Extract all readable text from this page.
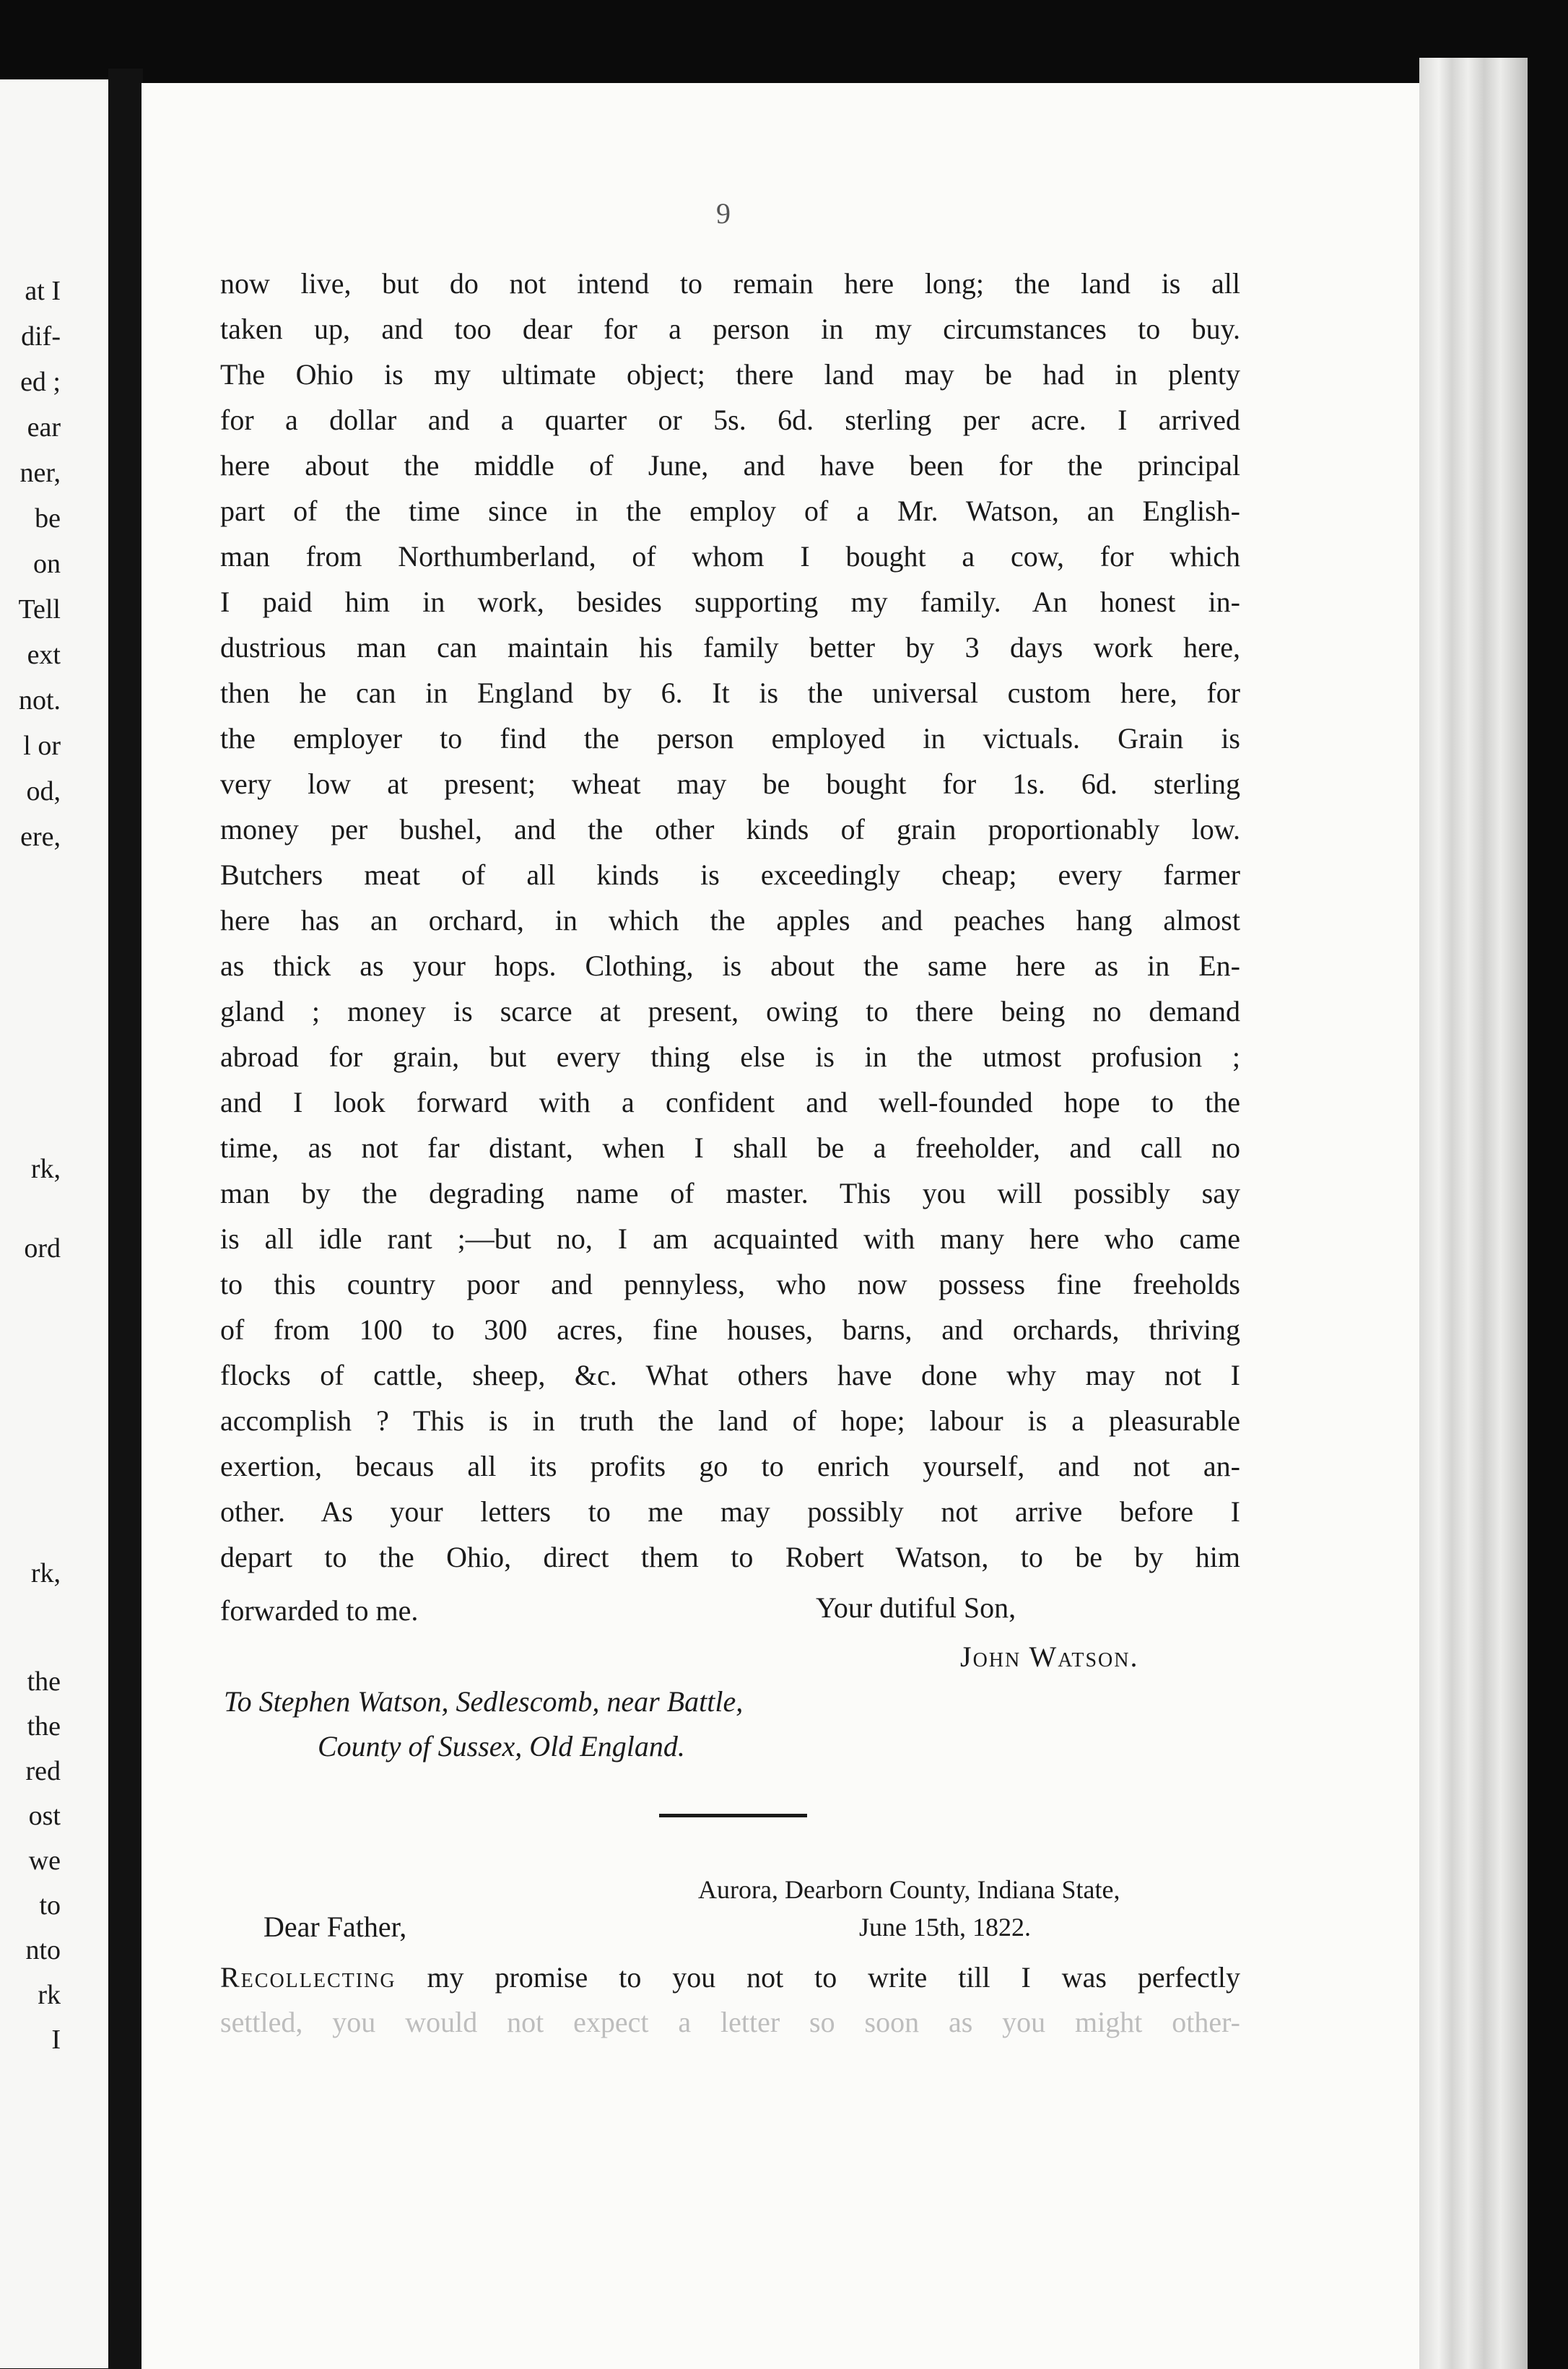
at I
dif-
ed ;
ear
ner,
be
on
Tell
ext
not.
l or
od,
ere,
rk,
ord
rk,
the
the
red
ost
we
to
nto
rk
I
9
now live, but do not intend to remain here long; the land is all
taken up, and too dear for a person in my circumstances to buy.
The Ohio is my ultimate object; there land may be had in plenty
for a dollar and a quarter or 5s. 6d. sterling per acre. I arrived
here about the middle of June, and have been for the principal
part of the time since in the employ of a Mr. Watson, an English-
man from Northumberland, of whom I bought a cow, for which
I paid him in work, besides supporting my family. An honest in-
dustrious man can maintain his family better by 3 days work here,
then he can in England by 6. It is the universal custom here, for
the employer to find the person employed in victuals. Grain is
very low at present; wheat may be bought for 1s. 6d. sterling
money per bushel, and the other kinds of grain proportionably low.
Butchers meat of all kinds is exceedingly cheap; every farmer
here has an orchard, in which the apples and peaches hang almost
as thick as your hops. Clothing, is about the same here as in En-
gland ; money is scarce at present, owing to there being no demand
abroad for grain, but every thing else is in the utmost profusion ;
and I look forward with a confident and well-founded hope to the
time, as not far distant, when I shall be a freeholder, and call no
man by the degrading name of master. This you will possibly say
is all idle rant ;—but no, I am acquainted with many here who came
to this country poor and pennyless, who now possess fine freeholds
of from 100 to 300 acres, fine houses, barns, and orchards, thriving
flocks of cattle, sheep, &c. What others have done why may not I
accomplish ? This is in truth the land of hope; labour is a pleasurable
exertion, becaus all its profits go to enrich yourself, and not an-
other. As your letters to me may possibly not arrive before I
depart to the Ohio, direct them to Robert Watson, to be by him
forwarded to me.	Your dutiful Son,
John Watson.
To Stephen Watson, Sedlescomb, near Battle,
County of Sussex, Old England.
Aurora, Dearborn County, Indiana State,
June 15th, 1822.
Dear Father,
Recollecting my promise to you not to write till I was perfectly
settled, you would not expect a letter so soon as you might other-
